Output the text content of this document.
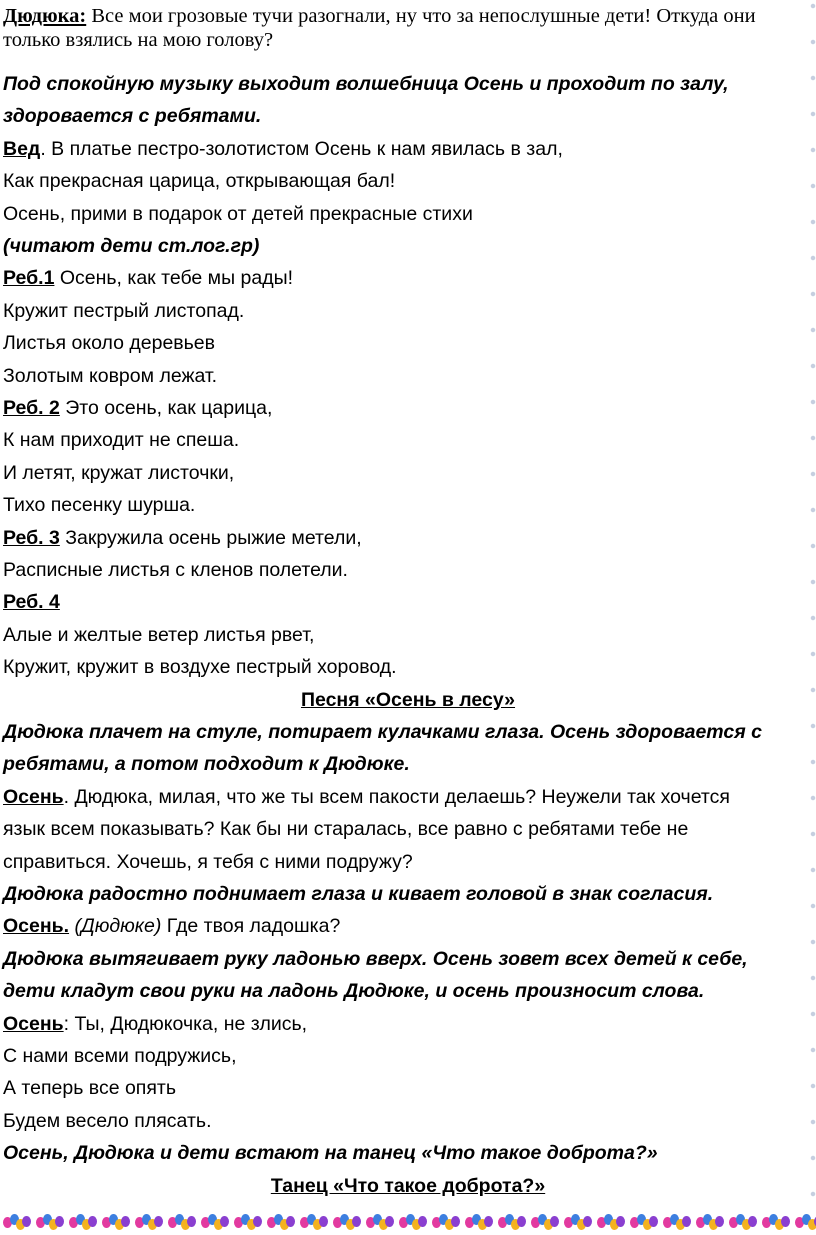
Дюдюка: Все мои грозовые тучи разогнали, ну что за непослушные дети! Откуда они только взялись на мою голову?
Под спокойную музыку выходит волшебница Осень и проходит по залу,
здоровается с ребятами.
Вед. В платье пестро-золотистом Осень к нам явилась в зал,
Как прекрасная царица, открывающая бал!
Осень, прими в подарок от детей прекрасные стихи
(читают дети ст.лог.гр)
Реб.1 Осень, как тебе мы рады!
Кружит пестрый листопад.
Листья около деревьев
Золотым ковром лежат.
Реб. 2 Это осень, как царица,
К нам приходит не спеша.
И летят, кружат листочки,
Тихо песенку шурша.
Реб. 3 Закружила осень рыжие метели,
Расписные листья с кленов полетели.
Реб. 4
Алые и желтые ветер листья рвет,
Кружит, кружит в воздухе пестрый хоровод.
Песня «Осень в лесу»
Дюдюка плачет на стуле, потирает кулачками глаза. Осень здоровается с
ребятами, а потом подходит к Дюдюке.
Осень. Дюдюка, милая, что же ты всем пакости делаешь? Неужели так хочется
язык всем показывать? Как бы ни старалась, все равно с ребятами тебе не
справиться. Хочешь, я тебя с ними подружу?
Дюдюка радостно поднимает глаза и кивает головой в знак согласия.
Осень. (Дюдюке) Где твоя ладошка?
Дюдюка вытягивает руку ладонью вверх. Осень зовет всех детей к себе,
дети кладут свои руки на ладонь Дюдюке, и осень произносит слова.
Осень: Ты, Дюдюкочка, не злись,
С нами всеми подружись,
А теперь все опять
Будем весело плясать.
Осень, Дюдюка и дети встают на танец «Что такое доброта?»
Танец «Что такое доброта?»
